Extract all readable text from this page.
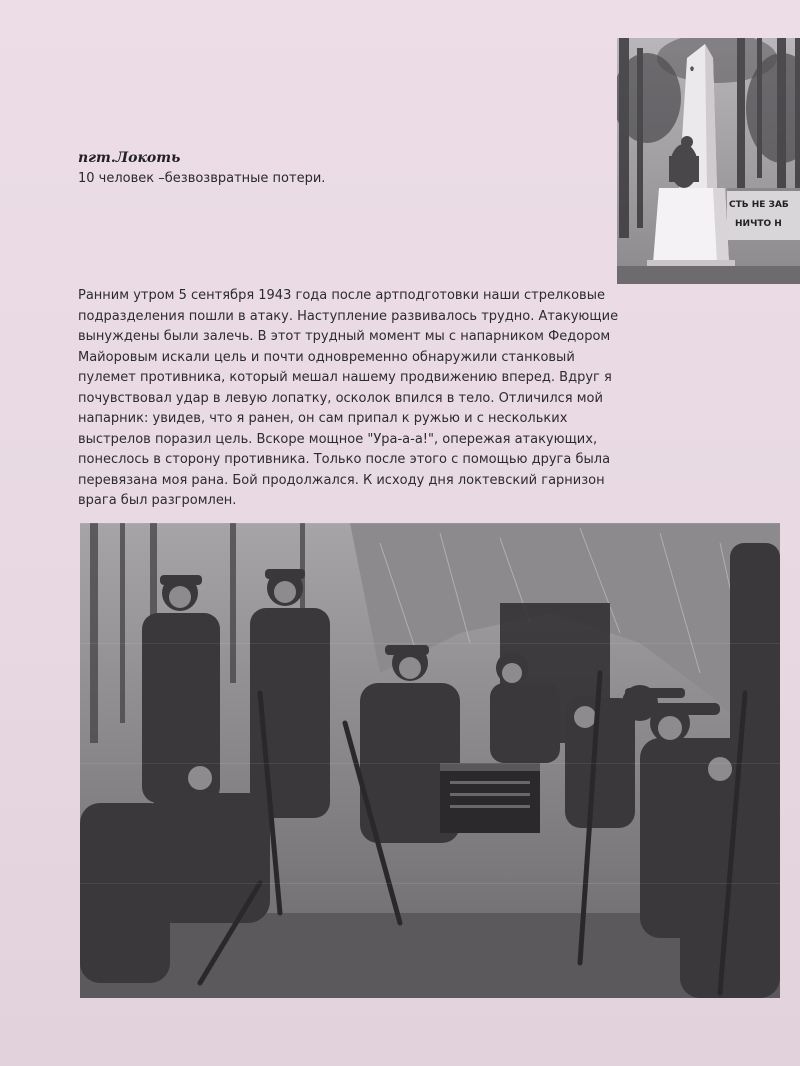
СТЬ НЕ ЗАБ
НИЧТО Н
пгт.Локоть
10 человек –безвозвратные потери.
Ранним утром 5 сентября 1943 года после артподготовки наши стрелковые
подразделения пошли в атаку. Наступление развивалось трудно. Атакующие
вынуждены были залечь. В этот трудный момент мы с напарником Федором
Майоровым искали цель и почти одновременно обнаружили станковый
пулемет противника, который мешал нашему продвижению вперед. Вдруг я
почувствовал удар в левую лопатку, осколок впился в тело. Отличился мой
напарник: увидев, что я ранен, он сам припал к ружью и с нескольких
выстрелов поразил цель. Вскоре мощное "Ура-а-а!", опережая атакующих,
понеслось в сторону противника. Только после этого с помощью друга была
перевязана моя рана. Бой продолжался. К исходу дня локтевский гарнизон
врага был разгромлен.
